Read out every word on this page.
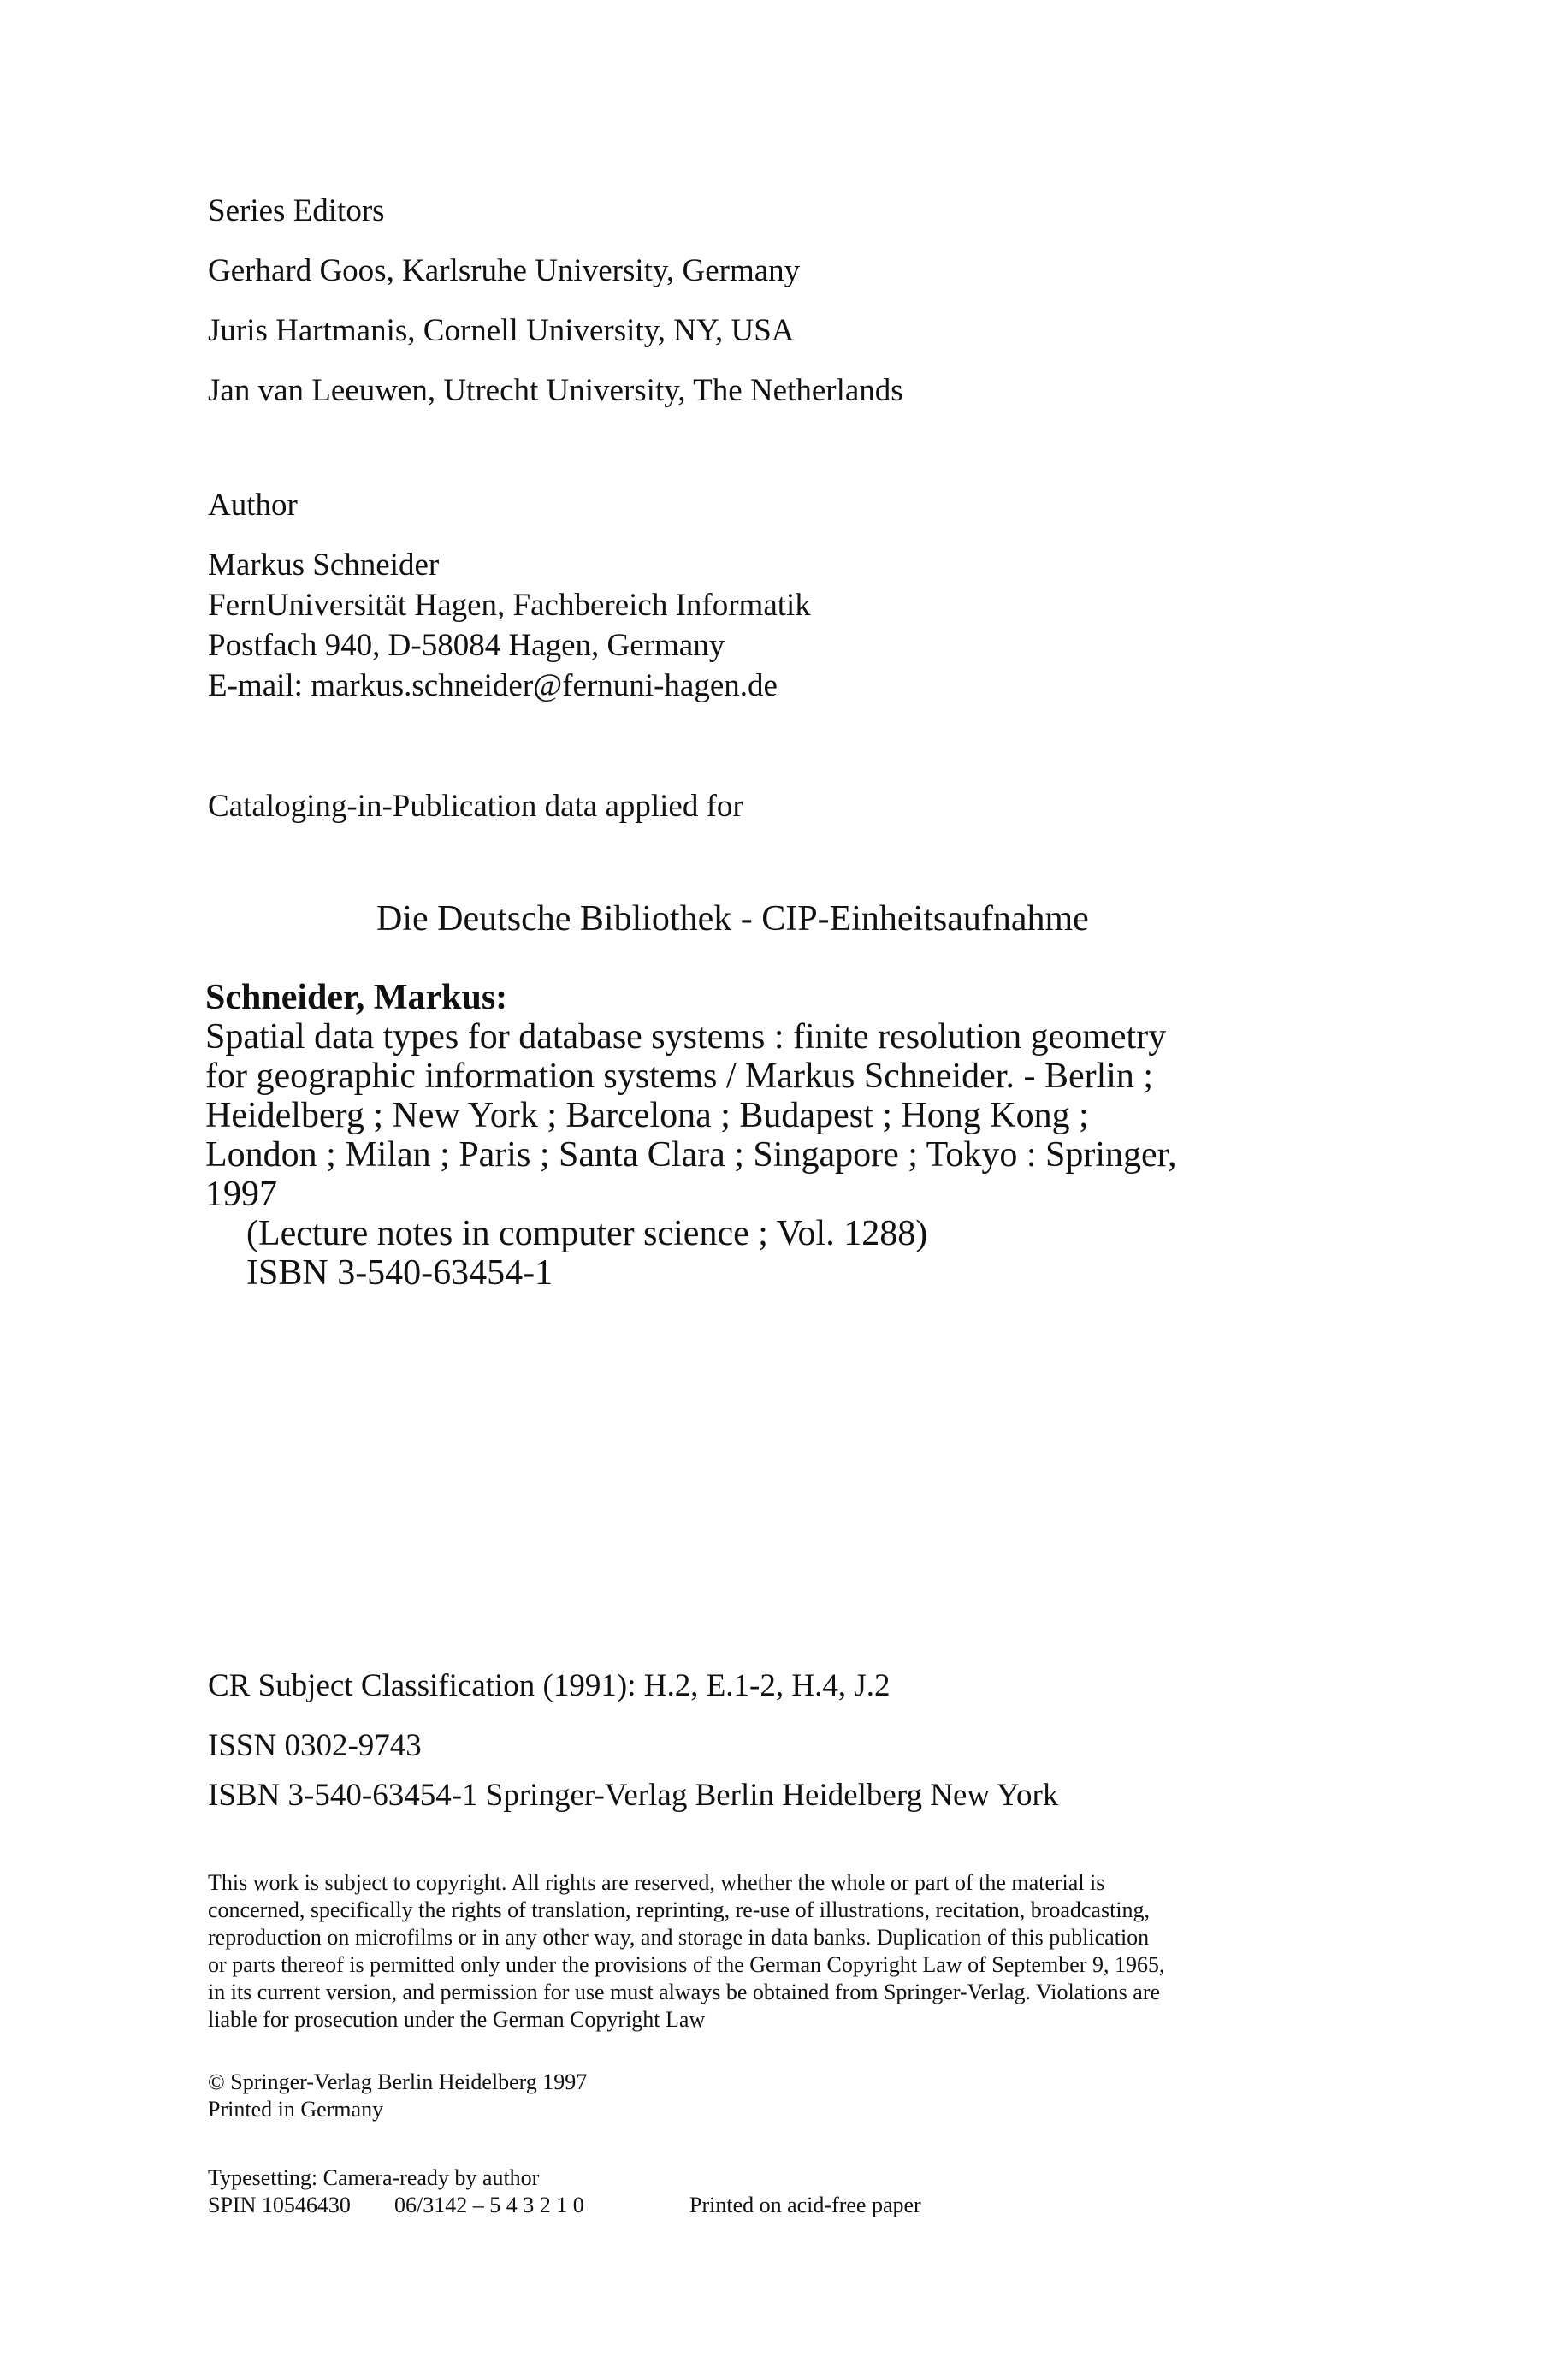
Series Editors
Gerhard Goos, Karlsruhe University, Germany
Juris Hartmanis, Cornell University, NY, USA
Jan van Leeuwen, Utrecht University, The Netherlands
Author
Markus Schneider
FernUniversität Hagen, Fachbereich Informatik
Postfach 940, D-58084 Hagen, Germany
E-mail: markus.schneider@fernuni-hagen.de
Cataloging-in-Publication data applied for
Die Deutsche Bibliothek - CIP-Einheitsaufnahme
Schneider, Markus:
Spatial data types for database systems : finite resolution geometry
for geographic information systems / Markus Schneider. - Berlin ;
Heidelberg ; New York ; Barcelona ; Budapest ; Hong Kong ;
London ; Milan ; Paris ; Santa Clara ; Singapore ; Tokyo : Springer,
1997
(Lecture notes in computer science ; Vol. 1288)
ISBN 3-540-63454-1
CR Subject Classification (1991): H.2, E.1-2, H.4, J.2
ISSN 0302-9743
ISBN 3-540-63454-1 Springer-Verlag Berlin Heidelberg New York
This work is subject to copyright. All rights are reserved, whether the whole or part of the material is
concerned, specifically the rights of translation, reprinting, re-use of illustrations, recitation, broadcasting,
reproduction on microfilms or in any other way, and storage in data banks. Duplication of this publication
or parts thereof is permitted only under the provisions of the German Copyright Law of September 9, 1965,
in its current version, and permission for use must always be obtained from Springer-Verlag. Violations are
liable for prosecution under the German Copyright Law
© Springer-Verlag Berlin Heidelberg 1997
Printed in Germany
Typesetting: Camera-ready by author
SPIN 10546430 06/3142 – 5 4 3 2 1 0	Printed on acid-free paper
